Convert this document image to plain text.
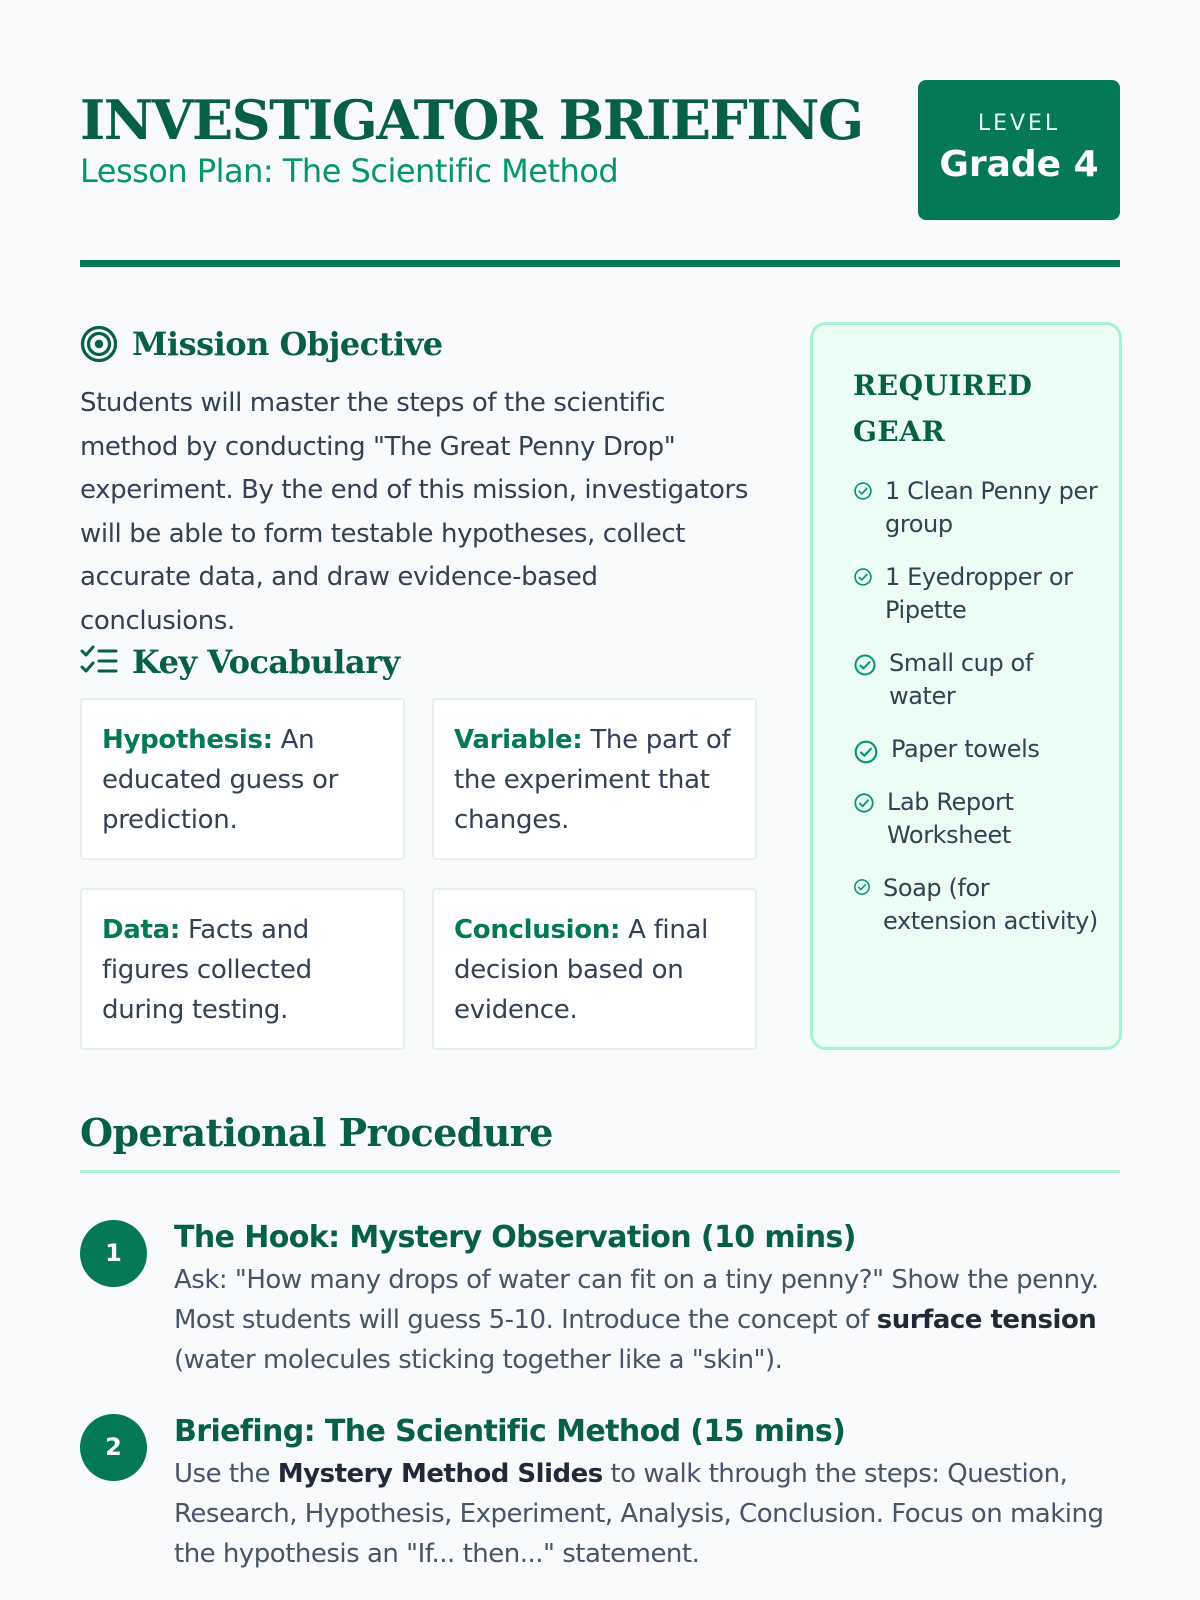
INVESTIGATOR BRIEFING
Lesson Plan: The Scientific Method
LEVEL
Grade 4
Mission Objective

Students will master the steps of the scientific method by conducting "The Great Penny Drop" experiment. By the end of this mission, investigators will be able to form testable hypotheses, collect accurate data, and draw evidence-based conclusions.

Key Vocabulary
Hypothesis: An educated guess or prediction.
Variable: The part of the experiment that changes.
Data: Facts and figures collected during testing.
Conclusion: A final decision based on evidence.
REQUIRED GEAR
1 Clean Penny per group
1 Eyedropper or Pipette
Small cup of water
Paper towels
Lab Report Worksheet
Soap (for extension activity)
Operational Procedure
1	The Hook: Mystery Observation (10 mins)

Ask: "How many drops of water can fit on a tiny penny?" Show the penny. Most students will guess 5-10. Introduce the concept of surface tension (water molecules sticking together like a "skin").

2	Briefing: The Scientific Method (15 mins)

Use the Mystery Method Slides to walk through the steps: Question, Research, Hypothesis, Experiment, Analysis, Conclusion. Focus on making the hypothesis an "If... then..." statement.
